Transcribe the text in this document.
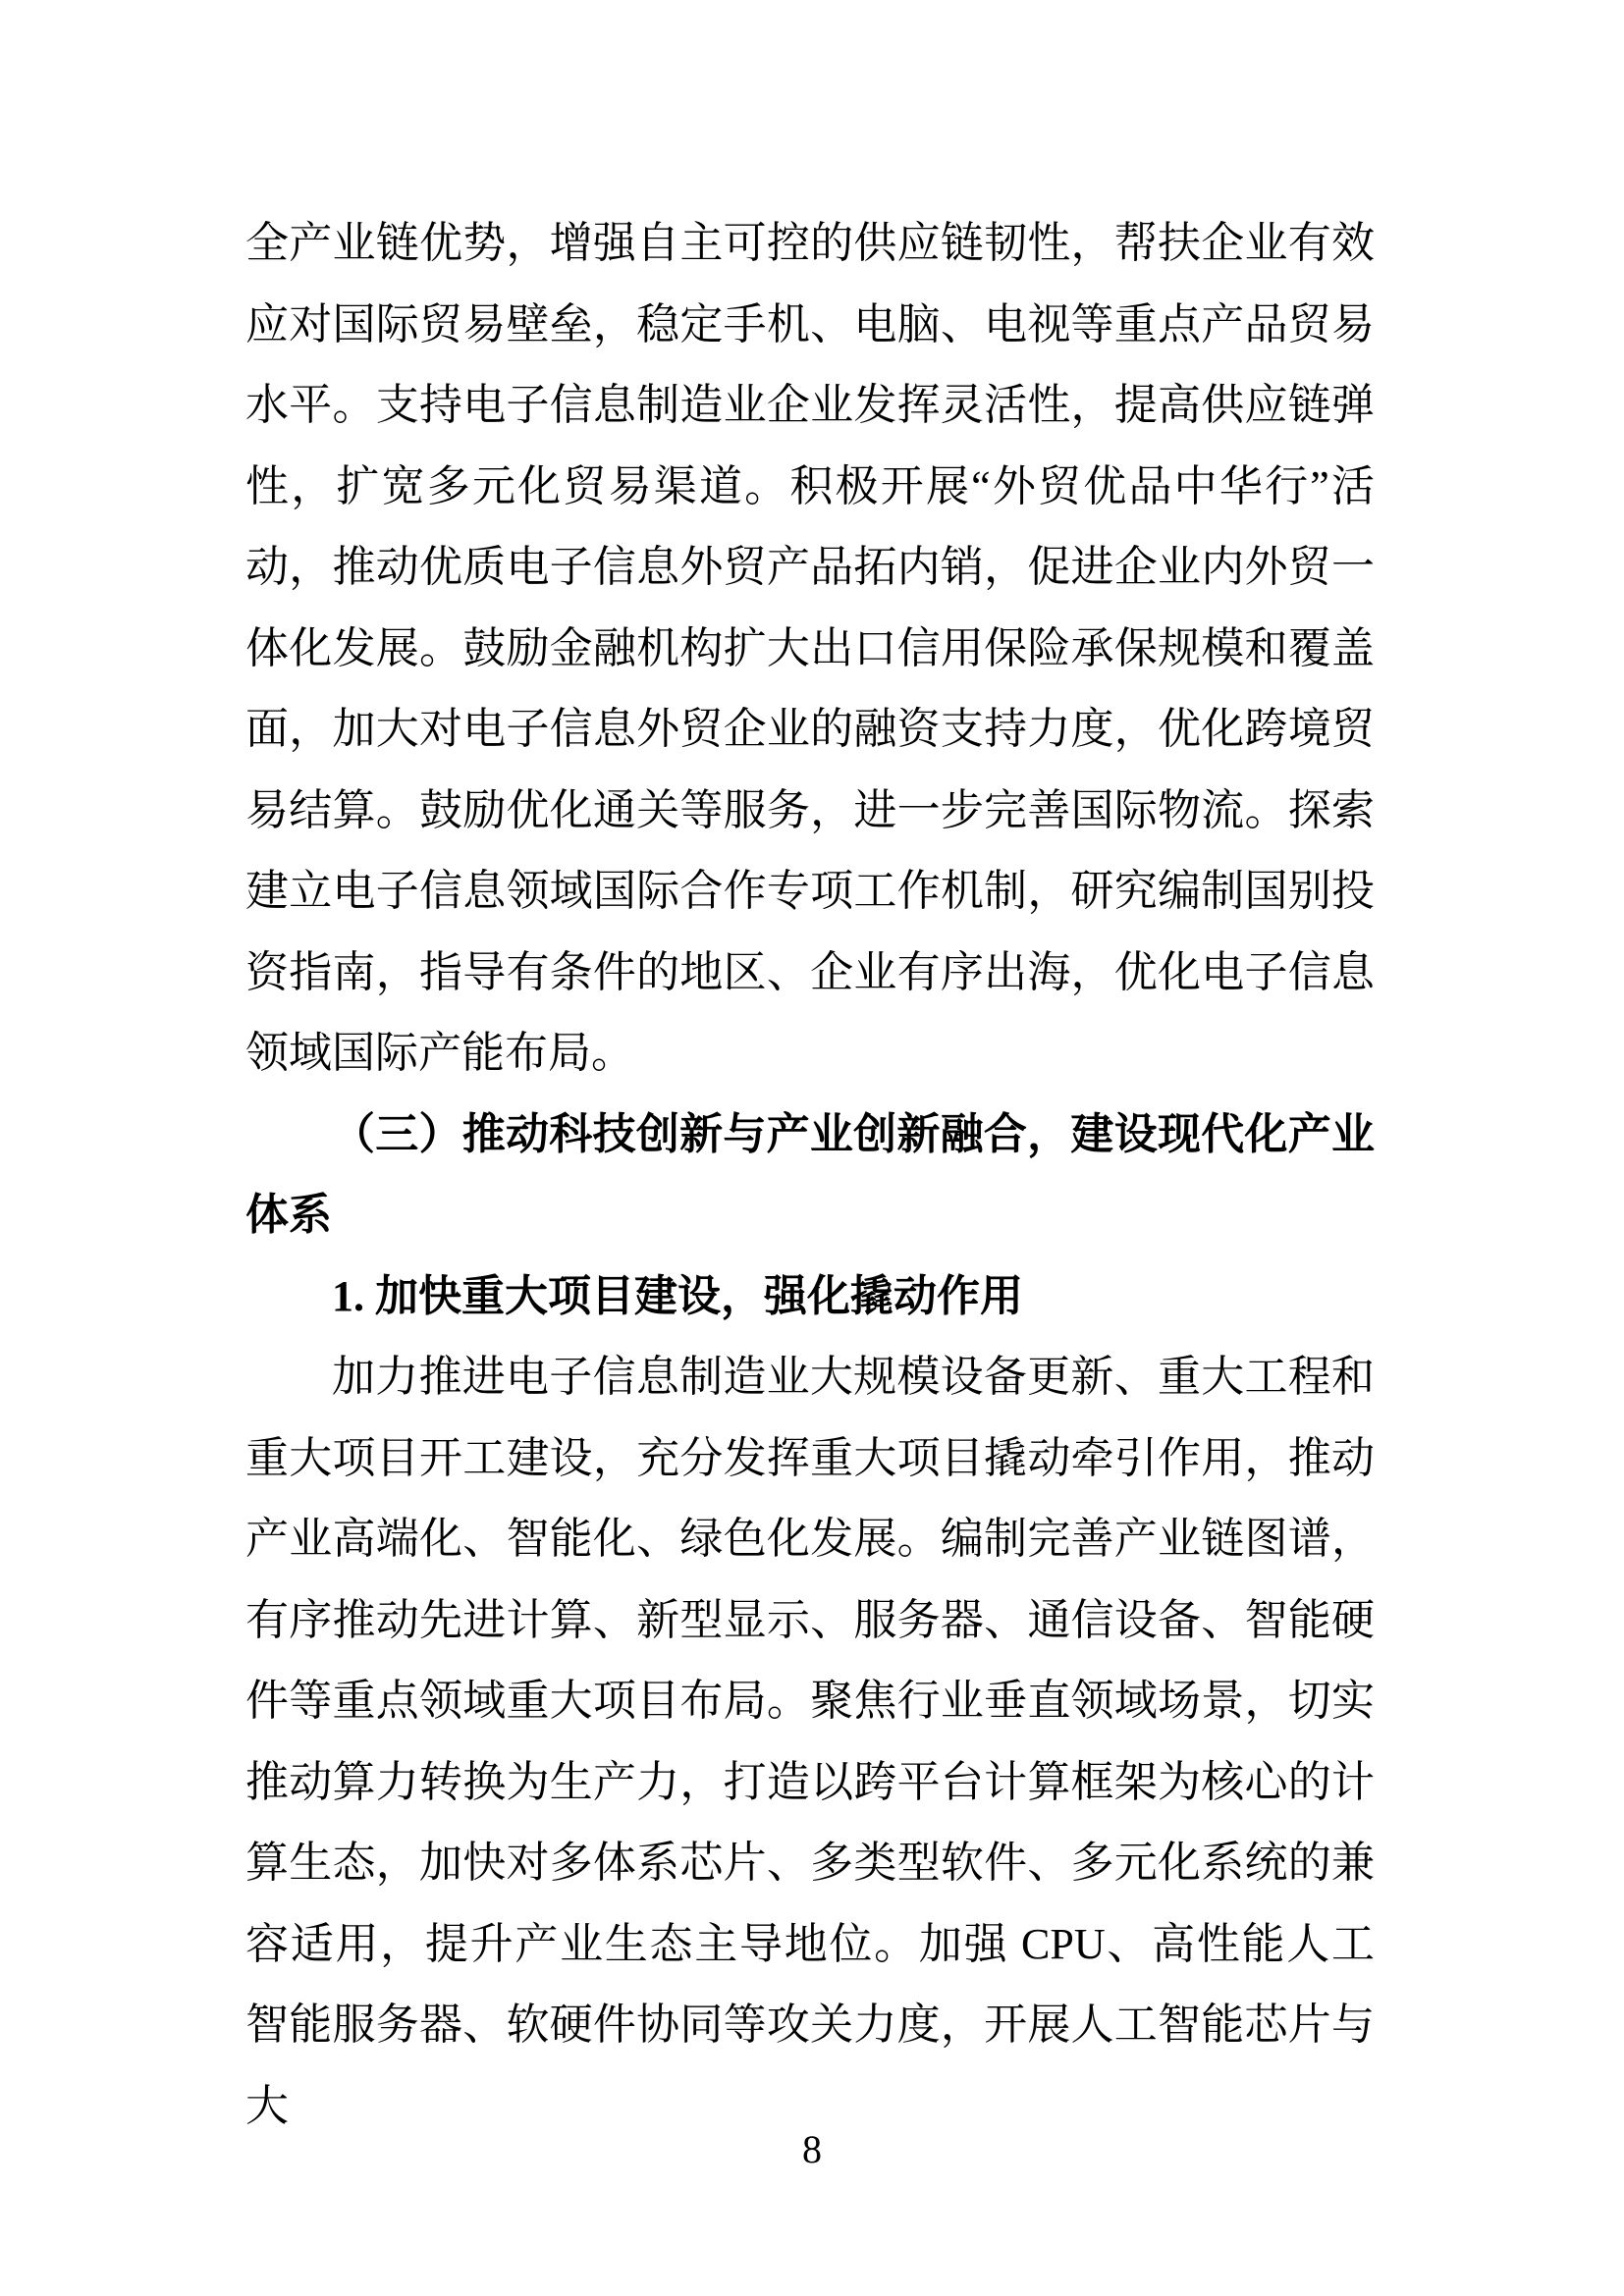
全产业链优势，增强自主可控的供应链韧性，帮扶企业有效应对国际贸易壁垒，稳定手机、电脑、电视等重点产品贸易水平。支持电子信息制造业企业发挥灵活性，提高供应链弹性，扩宽多元化贸易渠道。积极开展“外贸优品中华行”活动，推动优质电子信息外贸产品拓内销，促进企业内外贸一体化发展。鼓励金融机构扩大出口信用保险承保规模和覆盖面，加大对电子信息外贸企业的融资支持力度，优化跨境贸易结算。鼓励优化通关等服务，进一步完善国际物流。探索建立电子信息领域国际合作专项工作机制，研究编制国别投资指南，指导有条件的地区、企业有序出海，优化电子信息领域国际产能布局。

（三）推动科技创新与产业创新融合，建设现代化产业体系

1. 加快重大项目建设，强化撬动作用

加力推进电子信息制造业大规模设备更新、重大工程和重大项目开工建设，充分发挥重大项目撬动牵引作用，推动产业高端化、智能化、绿色化发展。编制完善产业链图谱，有序推动先进计算、新型显示、服务器、通信设备、智能硬件等重点领域重大项目布局。聚焦行业垂直领域场景，切实推动算力转换为生产力，打造以跨平台计算框架为核心的计算生态，加快对多体系芯片、多类型软件、多元化系统的兼容适用，提升产业生态主导地位。加强 CPU、高性能人工智能服务器、软硬件协同等攻关力度，开展人工智能芯片与大

8
